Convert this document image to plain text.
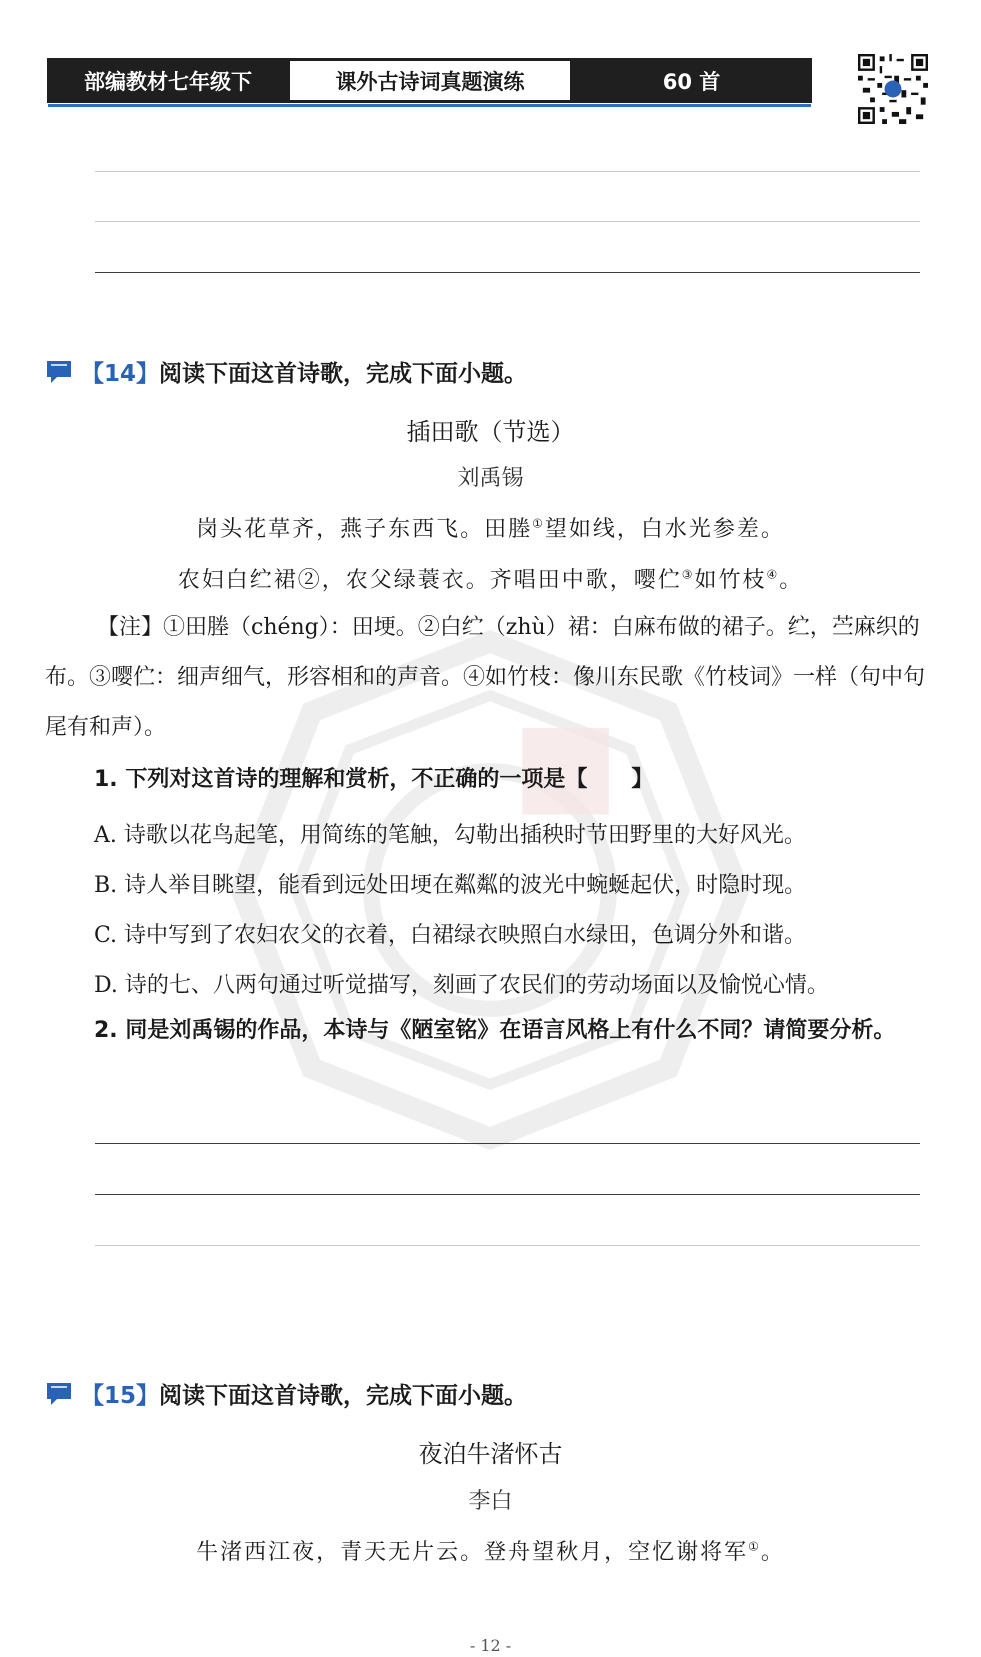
部编教材七年级下	课外古诗词真题演练	60 首
【14】 阅读下面这首诗歌，完成下面小题。
插田歌（节选）
刘禹锡
岗头花草齐，燕子东西飞。田塍①望如线，白水光参差。
农妇白纻裙②，农父绿蓑衣。齐唱田中歌，嘤伫③如竹枝④。
【注】①田塍（chéng）：田埂。②白纻（zhù）裙：白麻布做的裙子。纻，苎麻织的布。③嘤伫：细声细气，形容相和的声音。④如竹枝：像川东民歌《竹枝词》一样（句中句尾有和声）。
1. 下列对这首诗的理解和赏析，不正确的一项是【　　】
A. 诗歌以花鸟起笔，用简练的笔触，勾勒出插秧时节田野里的大好风光。
B. 诗人举目眺望，能看到远处田埂在粼粼的波光中蜿蜒起伏，时隐时现。
C. 诗中写到了农妇农父的衣着，白裙绿衣映照白水绿田，色调分外和谐。
D. 诗的七、八两句通过听觉描写，刻画了农民们的劳动场面以及愉悦心情。
2. 同是刘禹锡的作品，本诗与《陋室铭》在语言风格上有什么不同？请简要分析。
【15】 阅读下面这首诗歌，完成下面小题。
夜泊牛渚怀古
李白
牛渚西江夜，青天无片云。登舟望秋月，空忆谢将军①。
- 12 -
